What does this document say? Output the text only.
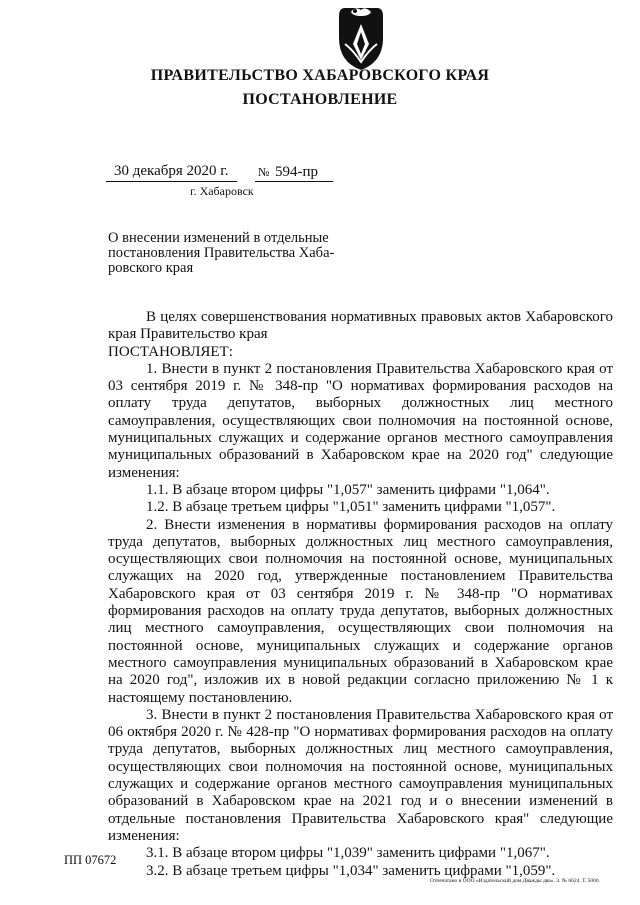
ПРАВИТЕЛЬСТВО ХАБАРОВСКОГО КРАЯ
ПОСТАНОВЛЕНИЕ
30 декабря 2020 г. № 594-пр
г. Хабаровск
О внесении изменений в отдельные постановления Правительства Хаба-ровского края

В целях совершенствования нормативных правовых актов Хабаровского края Правительство края

ПОСТАНОВЛЯЕТ:

1. Внести в пункт 2 постановления Правительства Хабаровского края от 03 сентября 2019 г. № 348-пр "О нормативах формирования расходов на оплату труда депутатов, выборных должностных лиц местного самоуправления, осуществляющих свои полномочия на постоянной основе, муниципальных служащих и содержание органов местного самоуправления муниципальных образований в Хабаровском крае на 2020 год" следующие изменения:

1.1. В абзаце втором цифры "1,057" заменить цифрами "1,064".

1.2. В абзаце третьем цифры "1,051" заменить цифрами "1,057".

2. Внести изменения в нормативы формирования расходов на оплату труда депутатов, выборных должностных лиц местного самоуправления, осуществляющих свои полномочия на постоянной основе, муниципальных служащих на 2020 год, утвержденные постановлением Правительства Хабаровского края от 03 сентября 2019 г. № 348-пр "О нормативах формирования расходов на оплату труда депутатов, выборных должностных лиц местного самоуправления, осуществляющих свои полномочия на постоянной основе, муниципальных служащих и содержание органов местного самоуправления муниципальных образований в Хабаровском крае на 2020 год", изложив их в новой редакции согласно приложению № 1 к настоящему постановлению.

3. Внести в пункт 2 постановления Правительства Хабаровского края от 06 октября 2020 г. № 428-пр "О нормативах формирования расходов на оплату труда депутатов, выборных должностных лиц местного самоуправления, осуществляющих свои полномочия на постоянной основе, муниципальных служащих и содержание органов местного самоуправления муниципальных образований в Хабаровском крае на 2021 год и о внесении изменений в отдельные постановления Правительства Хабаровского края" следующие изменения:

3.1. В абзаце втором цифры "1,039" заменить цифрами "1,067".

3.2. В абзаце третьем цифры "1,034" заменить цифрами "1,059".

ПП 07672
Отпечатано в ООО «Издательский дом Дважды два». З. № 6624. Т. 5000.
